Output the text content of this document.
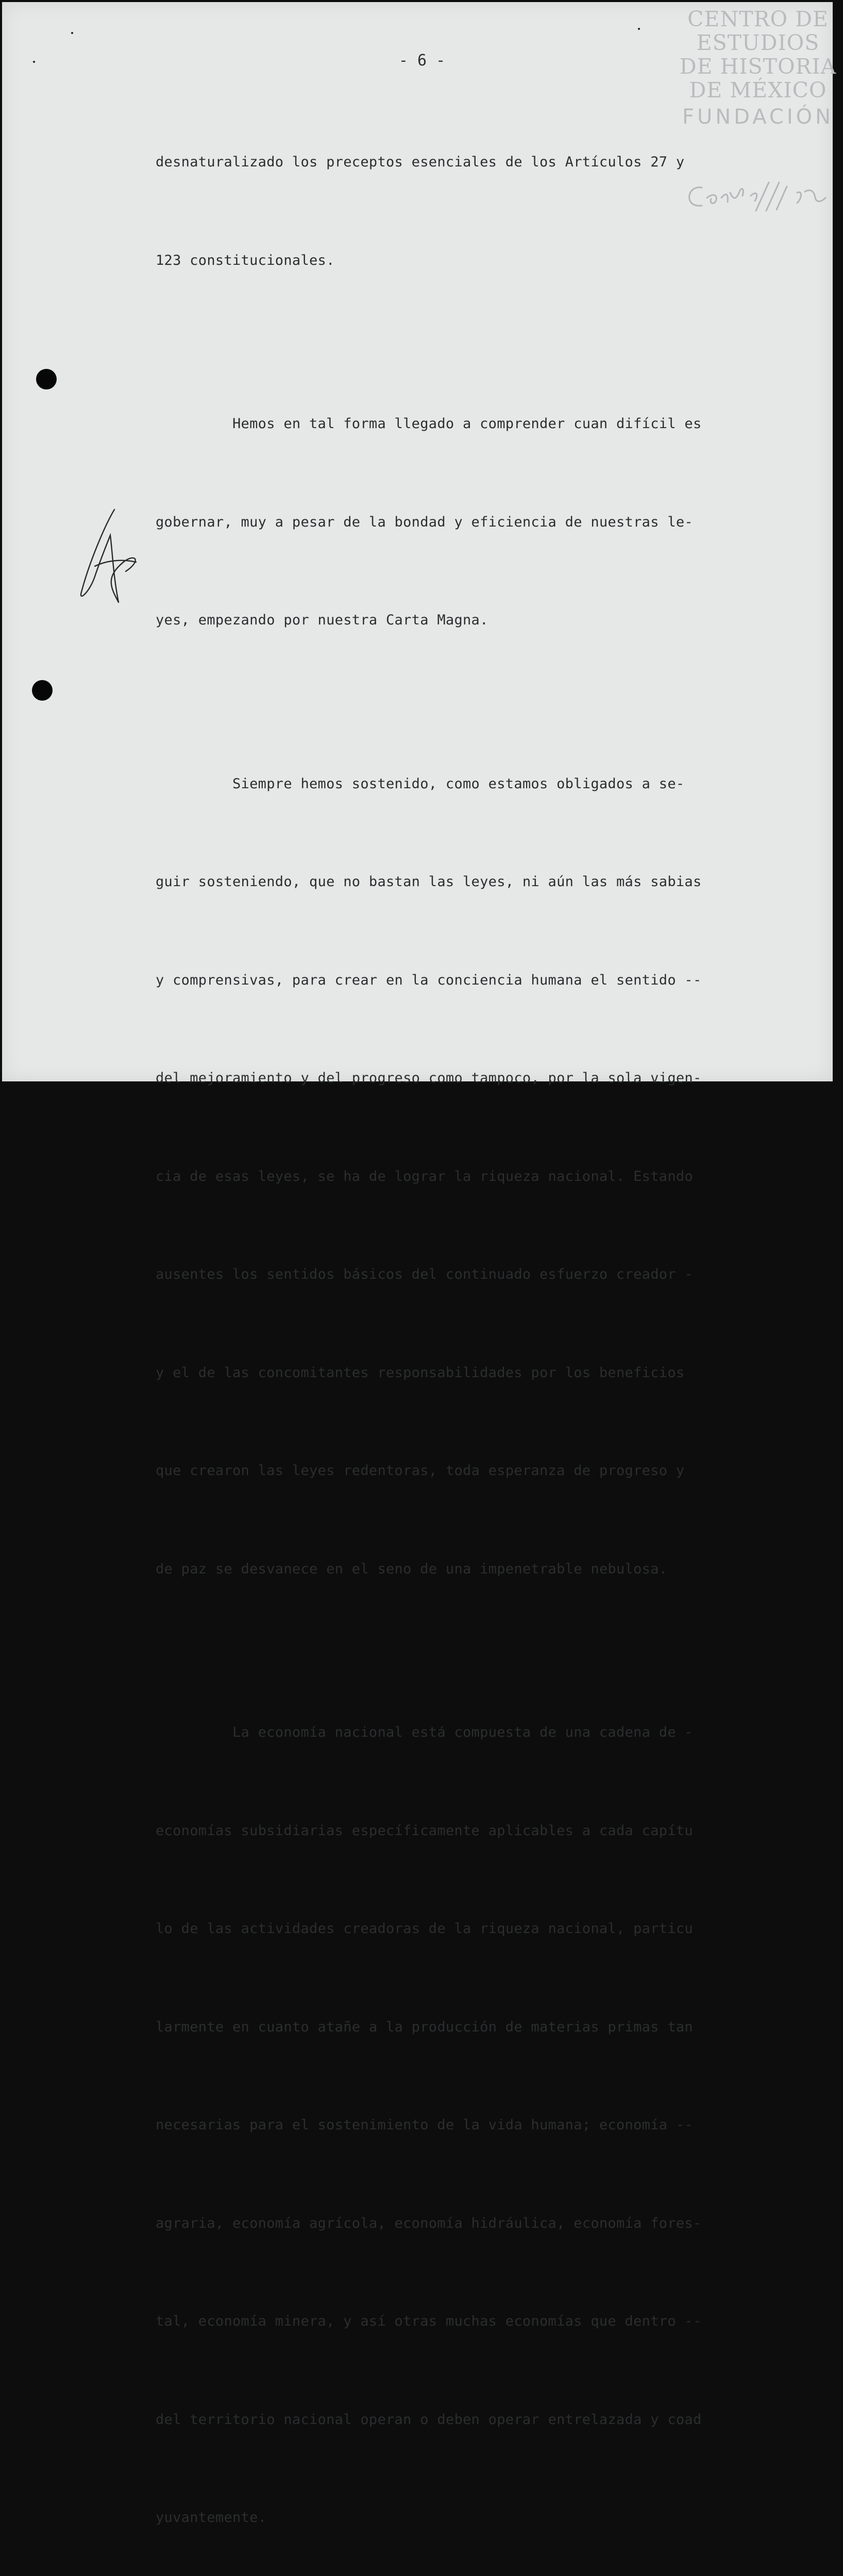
CENTRO DE
ESTUDIOS
DE HISTORIA
DE MÉXICO
FUNDACIÓN
- 6 -

desnaturalizado los preceptos esenciales de los Artículos 27 y

123 constitucionales.

Hemos en tal forma llegado a comprender cuan difícil es

gobernar, muy a pesar de la bondad y eficiencia de nuestras le-

yes, empezando por nuestra Carta Magna.

Siempre hemos sostenido, como estamos obligados a se-

guir sosteniendo, que no bastan las leyes, ni aún las más sabias

y comprensivas, para crear en la conciencia humana el sentido --

del mejoramiento y del progreso como tampoco, por la sola vigen-

cia de esas leyes, se ha de lograr la riqueza nacional. Estando

ausentes los sentidos básicos del continuado esfuerzo creador -

y el de las concomitantes responsabilidades por los beneficios

que crearon las leyes redentoras, toda esperanza de progreso y

de paz se desvanece en el seno de una impenetrable nebulosa.

La economía nacional está compuesta de una cadena de -

economías subsidiarias específicamente aplicables a cada capítu

lo de las actividades creadoras de la riqueza nacional, particu

larmente en cuanto atañe a la producción de materias primas tan

necesarias para el sostenimiento de la vida humana; economía --

agraria, economía agrícola, economía hidráulica, economía fores-

tal, economía minera, y así otras muchas economías que dentro --

del territorio nacional operan o deben operar entrelazada y coad

yuvantemente.
